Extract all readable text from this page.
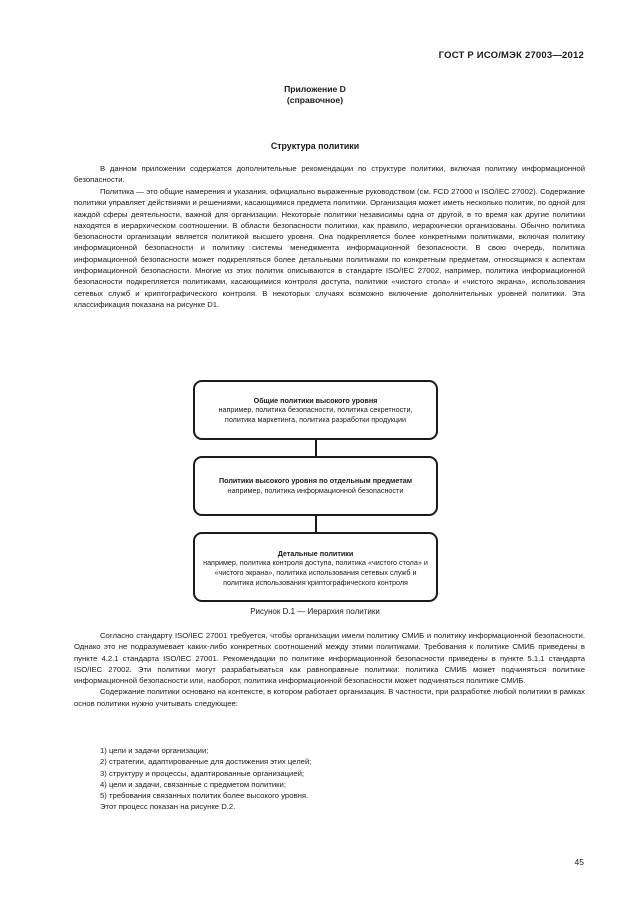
ГОСТ Р ИСО/МЭК 27003—2012
Приложение D
(справочное)
Структура политики

В данном приложении содержатся дополнительные рекомендации по структуре политики, включая политику информационной безопасности.

Политика — это общие намерения и указания, официально выраженные руководством (см. FCD 27000 и ISO/IEC 27002). Содержание политики управляет действиями и решениями, касающимися предмета политики. Организация может иметь несколько политик, по одной для каждой сферы деятельности, важной для организации. Некоторые политики независимы одна от другой, в то время как другие политики находятся в иерархическом соотношении. В области безопасности политики, как правило, иерархически организованы. Обычно политика безопасности организации является политикой высшего уровня. Она подкрепляется более конкретными политиками, включая политику информационной безопасности и политику системы менеджмента информационной безопасности. В свою очередь, политика информационной безопасности может подкрепляться более детальными политиками по конкретным предметам, относящимся к аспектам информационной безопасности. Многие из этих политик описываются в стандарте ISO/IEC 27002, например, политика информационной безопасности подкрепляется политиками, касающимися контроля доступа, политики «чистого стола» и «чистого экрана», использования сетевых служб и криптографического контроля. В некоторых случаях возможно включение дополнительных уровней политики. Эта классификация показана на рисунке D1.

Общие политики высокого уровня
например, политика безопасности, политика секретности, политика маркетинга, политика разработки продукции
Политики высокого уровня по отдельным предметам
например, политика информационной безопасности
Детальные политики
например, политика контроля доступа, политика «чистого стола» и «чистого экрана», политика использования сетевых служб и политика использования криптографического контроля
Рисунок D.1 — Иерархия политики

Согласно стандарту ISO/IEC 27001 требуется, чтобы организации имели политику СМИБ и политику информационной безопасности. Однако это не подразумевает каких-либо конкретных соотношений между этими политиками. Требования к политике СМИБ приведены в пункте 4.2.1 стандарта ISO/IEC 27001. Рекомендации по политике информационной безопасности приведены в пункте 5.1.1 стандарта ISO/IEC 27002. Эти политики могут разрабатываться как равноправные политики: политика СМИБ может подчиняться политике информационной безопасности или, наоборот, политика информационной безопасности может подчиняться политике СМИБ.

Содержание политики основано на контексте, в котором работает организация. В частности, при разработке любой политики в рамках основ политики нужно учитывать следующее:

1) цели и задачи организации;
2) стратегии, адаптированные для достижения этих целей;
3) структуру и процессы, адаптированные организацией;
4) цели и задачи, связанные с предметом политики;
5) требования связанных политик более высокого уровня.
Этот процесс показан на рисунке D.2.
45
